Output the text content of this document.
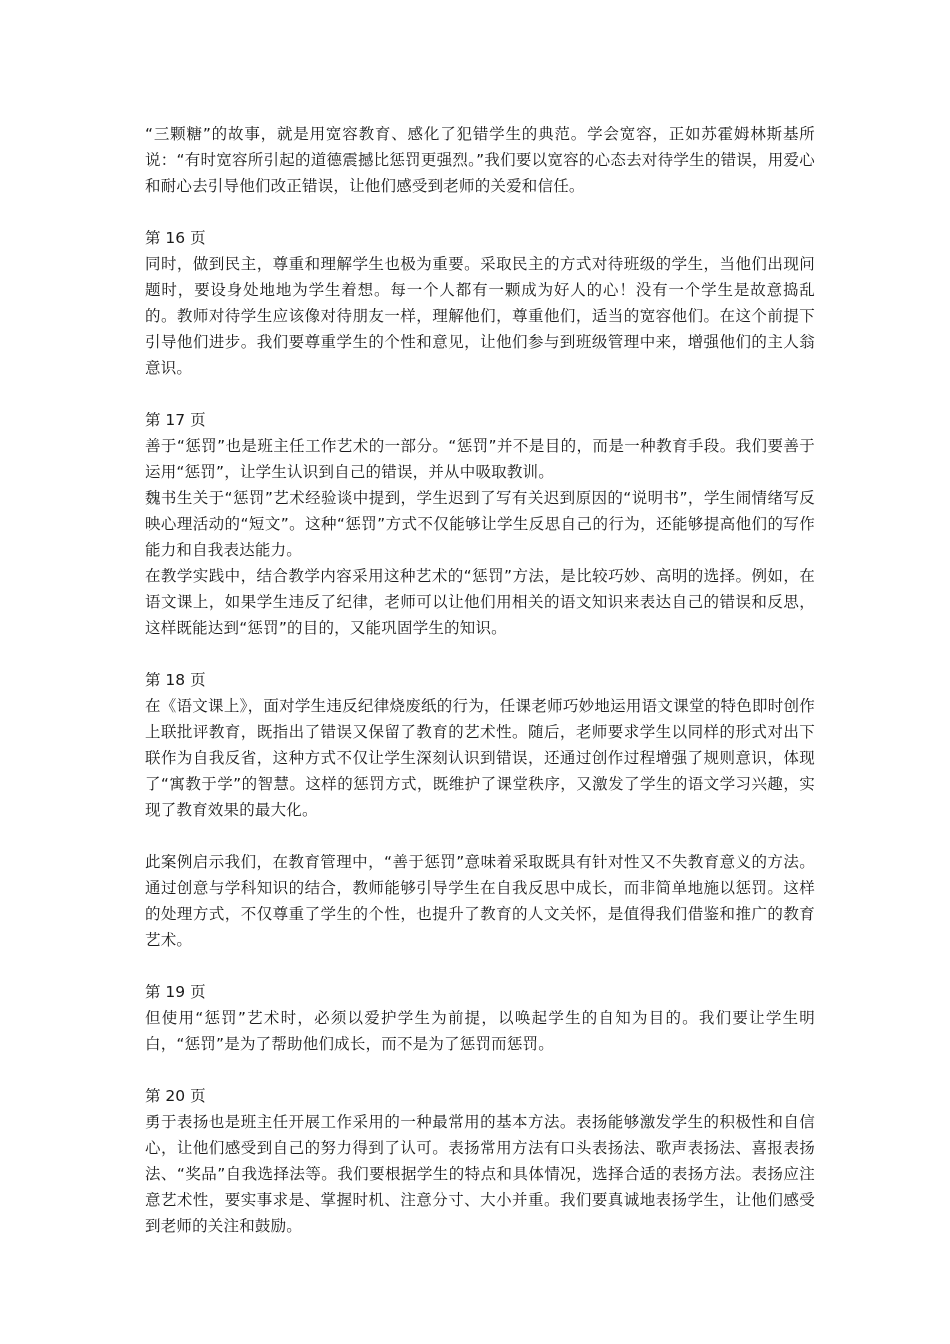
“三颗糖”的故事，就是用宽容教育、感化了犯错学生的典范。学会宽容，正如苏霍姆林斯基所说：“有时宽容所引起的道德震撼比惩罚更强烈。”我们要以宽容的心态去对待学生的错误，用爱心和耐心去引导他们改正错误，让他们感受到老师的关爱和信任。

第 16 页

同时，做到民主，尊重和理解学生也极为重要。采取民主的方式对待班级的学生，当他们出现问题时，要设身处地地为学生着想。每一个人都有一颗成为好人的心！没有一个学生是故意捣乱的。教师对待学生应该像对待朋友一样，理解他们，尊重他们，适当的宽容他们。在这个前提下引导他们进步。我们要尊重学生的个性和意见，让他们参与到班级管理中来，增强他们的主人翁意识。

第 17 页

善于“惩罚”也是班主任工作艺术的一部分。“惩罚”并不是目的，而是一种教育手段。我们要善于运用“惩罚”，让学生认识到自己的错误，并从中吸取教训。

魏书生关于“惩罚”艺术经验谈中提到，学生迟到了写有关迟到原因的“说明书”，学生闹情绪写反映心理活动的“短文”。这种“惩罚”方式不仅能够让学生反思自己的行为，还能够提高他们的写作能力和自我表达能力。

在教学实践中，结合教学内容采用这种艺术的“惩罚”方法，是比较巧妙、高明的选择。例如，在语文课上，如果学生违反了纪律，老师可以让他们用相关的语文知识来表达自己的错误和反思，这样既能达到“惩罚”的目的，又能巩固学生的知识。

第 18 页

在《语文课上》，面对学生违反纪律烧废纸的行为，任课老师巧妙地运用语文课堂的特色即时创作上联批评教育，既指出了错误又保留了教育的艺术性。随后，老师要求学生以同样的形式对出下联作为自我反省，这种方式不仅让学生深刻认识到错误，还通过创作过程增强了规则意识，体现了“寓教于学”的智慧。这样的惩罚方式，既维护了课堂秩序，又激发了学生的语文学习兴趣，实现了教育效果的最大化。

此案例启示我们，在教育管理中，“善于惩罚”意味着采取既具有针对性又不失教育意义的方法。通过创意与学科知识的结合，教师能够引导学生在自我反思中成长，而非简单地施以惩罚。这样的处理方式，不仅尊重了学生的个性，也提升了教育的人文关怀，是值得我们借鉴和推广的教育艺术。

第 19 页

但使用“惩罚”艺术时，必须以爱护学生为前提，以唤起学生的自知为目的。我们要让学生明白，“惩罚”是为了帮助他们成长，而不是为了惩罚而惩罚。

第 20 页

勇于表扬也是班主任开展工作采用的一种最常用的基本方法。表扬能够激发学生的积极性和自信心，让他们感受到自己的努力得到了认可。表扬常用方法有口头表扬法、歌声表扬法、喜报表扬法、“奖品”自我选择法等。我们要根据学生的特点和具体情况，选择合适的表扬方法。表扬应注意艺术性，要实事求是、掌握时机、注意分寸、大小并重。我们要真诚地表扬学生，让他们感受到老师的关注和鼓励。
